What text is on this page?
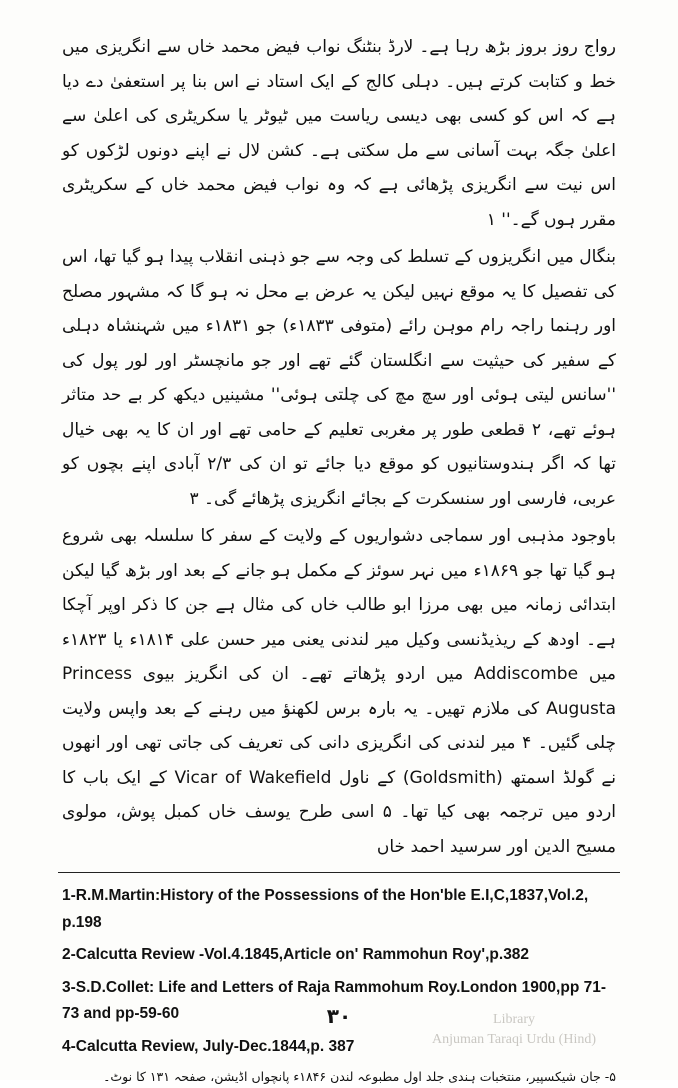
رواج روز بروز بڑھ رہا ہے۔ لارڈ بنٹنگ نواب فیض محمد خاں سے انگریزی میں خط و کتابت کرتے ہیں۔ دہلی کالج کے ایک استاد نے اس بنا پر استعفیٰ دے دیا ہے کہ اس کو کسی بھی دیسی ریاست میں ٹیوٹر یا سکریٹری کی اعلیٰ سے اعلیٰ جگہ بہت آسانی سے مل سکتی ہے۔ کشن لال نے اپنے دونوں لڑکوں کو اس نیت سے انگریزی پڑھائی ہے کہ وہ نواب فیض محمد خاں کے سکریٹری مقرر ہوں گے۔'' ۱

بنگال میں انگریزوں کے تسلط کی وجہ سے جو ذہنی انقلاب پیدا ہو گیا تھا، اس کی تفصیل کا یہ موقع نہیں لیکن یہ عرض بے محل نہ ہو گا کہ مشہور مصلح اور رہنما راجہ رام موہن رائے (متوفی ۱۸۳۳ء) جو ۱۸۳۱ء میں شہنشاہ دہلی کے سفیر کی حیثیت سے انگلستان گئے تھے اور جو مانچسٹر اور لور پول کی ''سانس لیتی ہوئی اور سچ مچ کی چلتی ہوئی'' مشینیں دیکھ کر بے حد متاثر ہوئے تھے، ۲ قطعی طور پر مغربی تعلیم کے حامی تھے اور ان کا یہ بھی خیال تھا کہ اگر ہندوستانیوں کو موقع دیا جائے تو ان کی ۲/۳ آبادی اپنے بچوں کو عربی، فارسی اور سنسکرت کے بجائے انگریزی پڑھائے گی۔ ۳

باوجود مذہبی اور سماجی دشواریوں کے ولایت کے سفر کا سلسلہ بھی شروع ہو گیا تھا جو ۱۸۶۹ء میں نہر سوئز کے مکمل ہو جانے کے بعد اور بڑھ گیا لیکن ابتدائی زمانہ میں بھی مرزا ابو طالب خاں کی مثال ہے جن کا ذکر اوپر آچکا ہے۔ اودھ کے ریذیڈنسی وکیل میر لندنی یعنی میر حسن علی ۱۸۱۴ء یا ۱۸۲۳ء میں Addiscombe میں اردو پڑھاتے تھے۔ ان کی انگریز بیوی Princess Augusta کی ملازم تھیں۔ یہ بارہ برس لکھنؤ میں رہنے کے بعد واپس ولایت چلی گئیں۔ ۴ میر لندنی کی انگریزی دانی کی تعریف کی جاتی تھی اور انھوں نے گولڈ اسمتھ (Goldsmith) کے ناول Vicar of Wakefield کے ایک باب کا اردو میں ترجمہ بھی کیا تھا۔ ۵ اسی طرح یوسف خاں کمبل پوش، مولوی مسیح الدین اور سرسید احمد خاں

1-R.M.Martin:History of the Possessions of the Hon'ble E.I,C,1837,Vol.2, p.198

2-Calcutta Review -Vol.4.1845,Article on' Rammohun Roy',p.382

3-S.D.Collet: Life and Letters of Raja Rammohum Roy.London 1900,pp 71-73 and pp-59-60

4-Calcutta Review, July-Dec.1844,p. 387

۵- جان شیکسپیر، منتخبات ہندی جلد اول مطبوعہ لندن ۱۸۴۶ء پانچواں اڈیشن، صفحہ ۱۳۱ کا نوٹ۔

۳۰	Library
Anjuman Taraqi Urdu (Hind)
